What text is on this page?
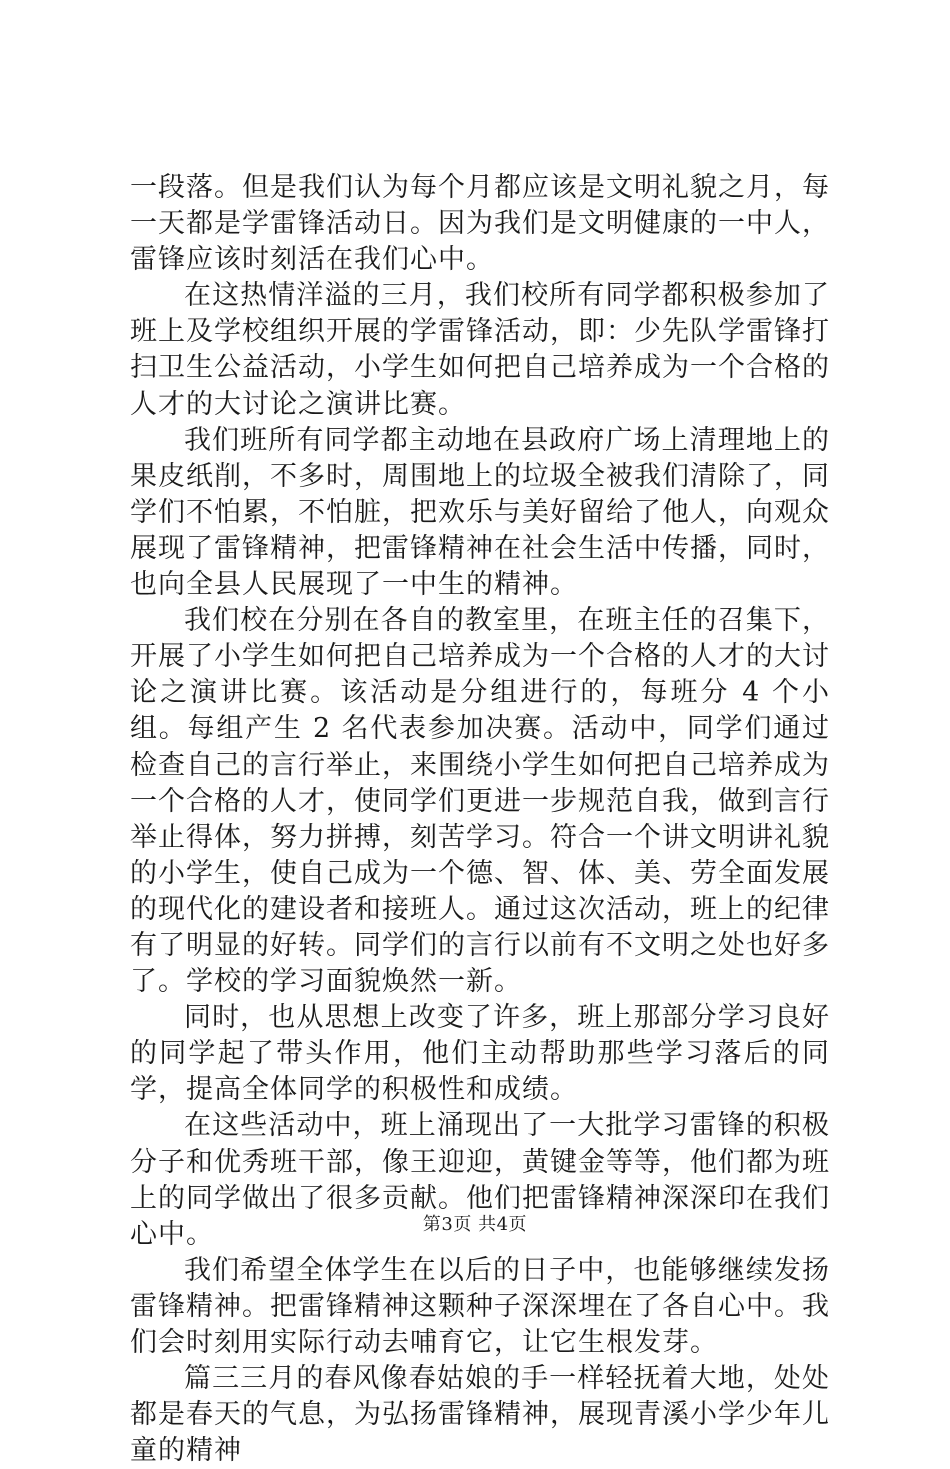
一段落。但是我们认为每个月都应该是文明礼貌之月，每一天都是学雷锋活动日。因为我们是文明健康的一中人，雷锋应该时刻活在我们心中。

在这热情洋溢的三月，我们校所有同学都积极参加了班上及学校组织开展的学雷锋活动，即：少先队学雷锋打扫卫生公益活动，小学生如何把自己培养成为一个合格的人才的大讨论之演讲比赛。

我们班所有同学都主动地在县政府广场上清理地上的果皮纸削，不多时，周围地上的垃圾全被我们清除了，同学们不怕累，不怕脏，把欢乐与美好留给了他人，向观众展现了雷锋精神，把雷锋精神在社会生活中传播，同时，也向全县人民展现了一中生的精神。

我们校在分别在各自的教室里，在班主任的召集下，开展了小学生如何把自己培养成为一个合格的人才的大讨论之演讲比赛。该活动是分组进行的，每班分 4 个小组。每组产生 2 名代表参加决赛。活动中，同学们通过检查自己的言行举止，来围绕小学生如何把自己培养成为一个合格的人才，使同学们更进一步规范自我，做到言行举止得体，努力拼搏，刻苦学习。符合一个讲文明讲礼貌的小学生，使自己成为一个德、智、体、美、劳全面发展的现代化的建设者和接班人。通过这次活动，班上的纪律有了明显的好转。同学们的言行以前有不文明之处也好多了。学校的学习面貌焕然一新。

同时，也从思想上改变了许多，班上那部分学习良好的同学起了带头作用，他们主动帮助那些学习落后的同学，提高全体同学的积极性和成绩。

在这些活动中，班上涌现出了一大批学习雷锋的积极分子和优秀班干部，像王迎迎，黄键金等等，他们都为班上的同学做出了很多贡献。他们把雷锋精神深深印在我们心中。

我们希望全体学生在以后的日子中，也能够继续发扬雷锋精神。把雷锋精神这颗种子深深埋在了各自心中。我们会时刻用实际行动去哺育它，让它生根发芽。

篇三三月的春风像春姑娘的手一样轻抚着大地，处处都是春天的气息，为弘扬雷锋精神，展现青溪小学少年儿童的精神

第3页 共4页
